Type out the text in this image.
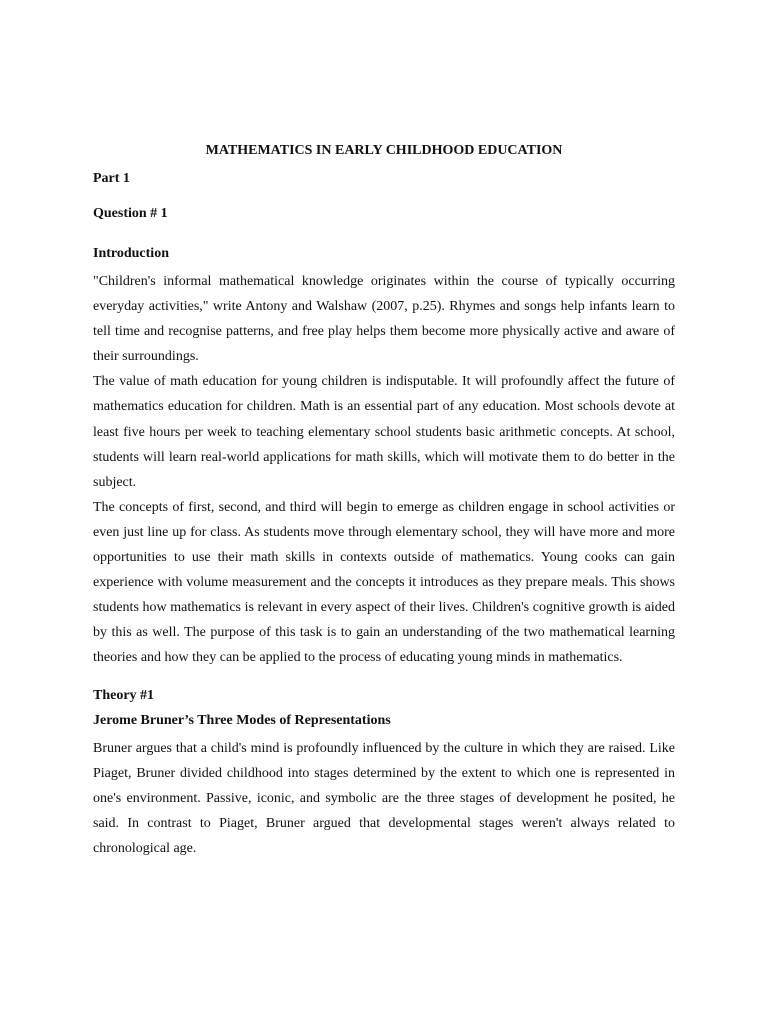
MATHEMATICS IN EARLY CHILDHOOD EDUCATION
Part 1
Question # 1
Introduction

"Children's informal mathematical knowledge originates within the course of typically occurring everyday activities," write Antony and Walshaw (2007, p.25). Rhymes and songs help infants learn to tell time and recognise patterns, and free play helps them become more physically active and aware of their surroundings.

The value of math education for young children is indisputable. It will profoundly affect the future of mathematics education for children. Math is an essential part of any education. Most schools devote at least five hours per week to teaching elementary school students basic arithmetic concepts. At school, students will learn real-world applications for math skills, which will motivate them to do better in the subject.

The concepts of first, second, and third will begin to emerge as children engage in school activities or even just line up for class. As students move through elementary school, they will have more and more opportunities to use their math skills in contexts outside of mathematics. Young cooks can gain experience with volume measurement and the concepts it introduces as they prepare meals. This shows students how mathematics is relevant in every aspect of their lives. Children's cognitive growth is aided by this as well. The purpose of this task is to gain an understanding of the two mathematical learning theories and how they can be applied to the process of educating young minds in mathematics.

Theory #1
Jerome Bruner’s Three Modes of Representations

Bruner argues that a child's mind is profoundly influenced by the culture in which they are raised. Like Piaget, Bruner divided childhood into stages determined by the extent to which one is represented in one's environment. Passive, iconic, and symbolic are the three stages of development he posited, he said. In contrast to Piaget, Bruner argued that developmental stages weren't always related to chronological age.
